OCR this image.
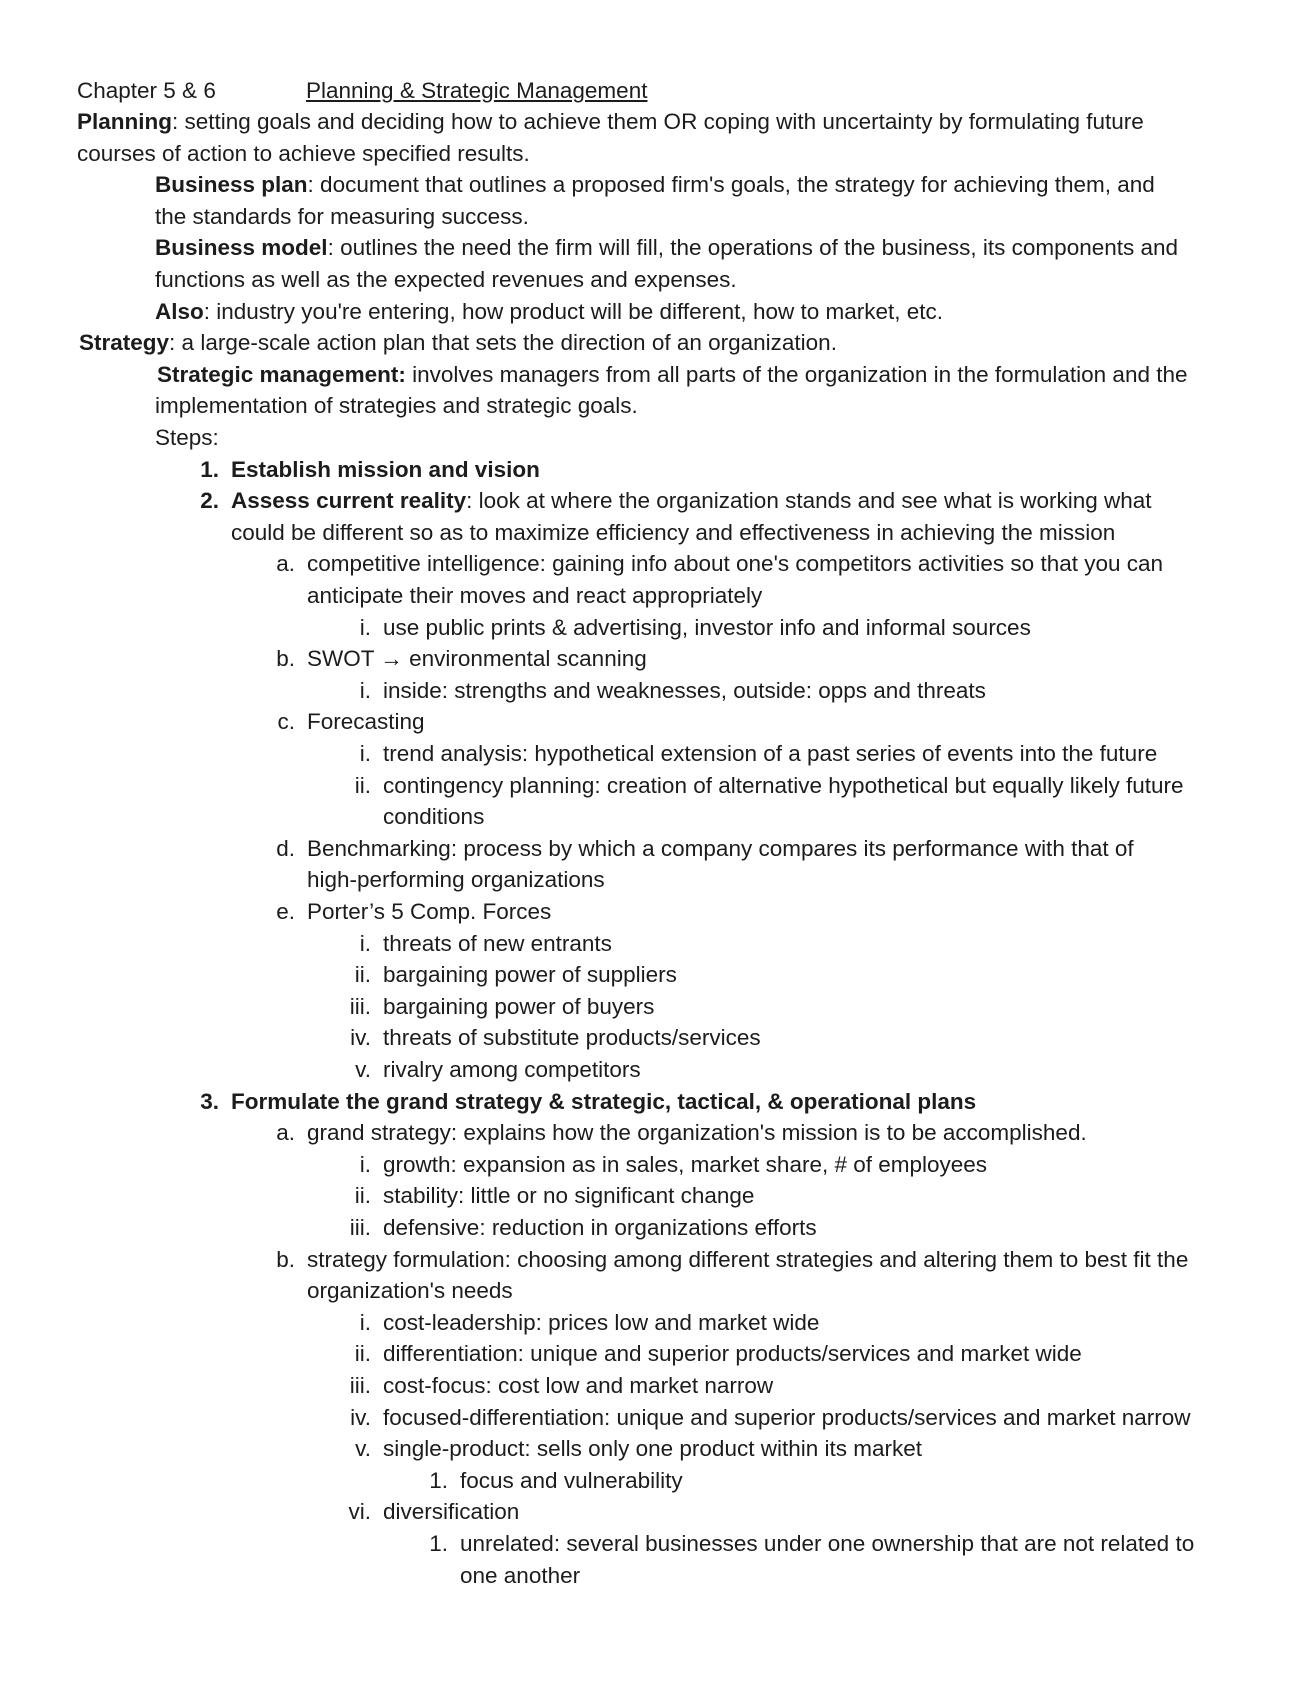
Chapter 5 & 6	Planning & Strategic Management
Planning: setting goals and deciding how to achieve them OR coping with uncertainty by formulating future
courses of action to achieve specified results.
Business plan: document that outlines a proposed firm's goals, the strategy for achieving them, and
the standards for measuring success.
Business model: outlines the need the firm will fill, the operations of the business, its components and
functions as well as the expected revenues and expenses.
Also: industry you're entering, how product will be different, how to market, etc.
Strategy: a large-scale action plan that sets the direction of an organization.
Strategic management: involves managers from all parts of the organization in the formulation and the
implementation of strategies and strategic goals.
Steps:
1. Establish mission and vision
2. Assess current reality: look at where the organization stands and see what is working what
could be different so as to maximize efficiency and effectiveness in achieving the mission
a. competitive intelligence: gaining info about one's competitors activities so that you can
anticipate their moves and react appropriately
i. use public prints & advertising, investor info and informal sources
b. SWOT → environmental scanning
i. inside: strengths and weaknesses, outside: opps and threats
c. Forecasting
i. trend analysis: hypothetical extension of a past series of events into the future
ii. contingency planning: creation of alternative hypothetical but equally likely future
conditions
d. Benchmarking: process by which a company compares its performance with that of
high-performing organizations
e. Porter’s 5 Comp. Forces
i. threats of new entrants
ii. bargaining power of suppliers
iii. bargaining power of buyers
iv. threats of substitute products/services
v. rivalry among competitors
3. Formulate the grand strategy & strategic, tactical, & operational plans
a. grand strategy: explains how the organization's mission is to be accomplished.
i. growth: expansion as in sales, market share, # of employees
ii. stability: little or no significant change
iii. defensive: reduction in organizations efforts
b. strategy formulation: choosing among different strategies and altering them to best fit the
organization's needs
i. cost-leadership: prices low and market wide
ii. differentiation: unique and superior products/services and market wide
iii. cost-focus: cost low and market narrow
iv. focused-differentiation: unique and superior products/services and market narrow
v. single-product: sells only one product within its market
1. focus and vulnerability
vi. diversification
1. unrelated: several businesses under one ownership that are not related to
one another
